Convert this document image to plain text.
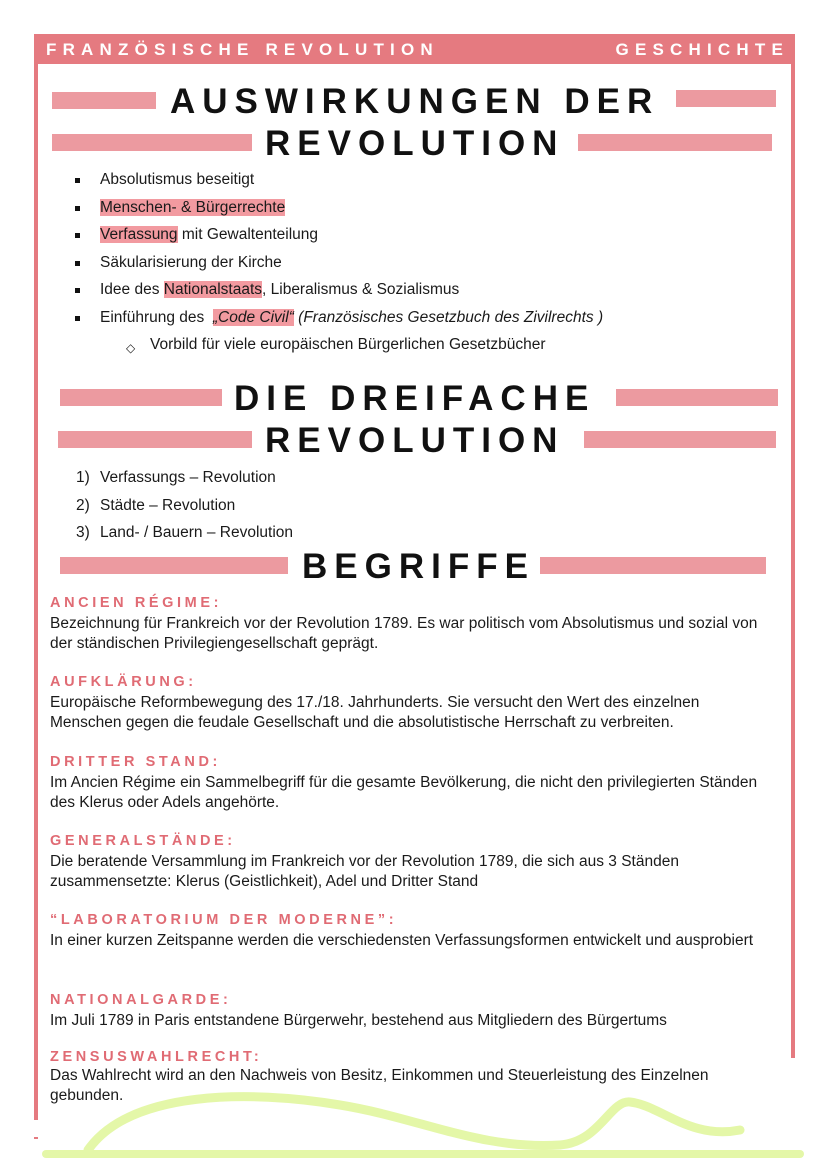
FRANZÖSISCHE REVOLUTION	GESCHICHTE
AUSWIRKUNGEN DER
REVOLUTION
Absolutismus beseitigt
Menschen- & Bürgerrechte
Verfassung mit Gewaltenteilung
Säkularisierung der Kirche
Idee des Nationalstaats, Liberalismus & Sozialismus
Einführung des  „Code Civil“ (Französisches Gesetzbuch des Zivilrechts )
◇ Vorbild für viele europäischen Bürgerlichen Gesetzbücher
DIE DREIFACHE
REVOLUTION
1) Verfassungs – Revolution
2) Städte – Revolution
3) Land- / Bauern – Revolution
BEGRIFFE
ANCIEN RÉGIME:
Bezeichnung für Frankreich vor der Revolution 1789. Es war politisch vom Absolutismus und sozial von der ständischen Privilegiengesellschaft geprägt.
AUFKLÄRUNG:
Europäische Reformbewegung des 17./18. Jahrhunderts. Sie versucht den Wert des einzelnen Menschen gegen die feudale Gesellschaft und die absolutistische Herrschaft zu verbreiten.
DRITTER STAND:
Im Ancien Régime ein Sammelbegriff für die gesamte Bevölkerung, die nicht den privilegierten Ständen des Klerus oder Adels angehörte.
GENERALSTÄNDE:
Die beratende Versammlung im Frankreich vor der Revolution 1789, die sich aus 3 Ständen zusammensetzte: Klerus (Geistlichkeit), Adel und Dritter Stand
“LABORATORIUM DER MODERNE”:
In einer kurzen Zeitspanne werden die verschiedensten Verfassungsformen entwickelt und ausprobiert
NATIONALGARDE:
Im Juli 1789 in Paris entstandene Bürgerwehr, bestehend aus Mitgliedern des Bürgertums
ZENSUSWAHLRECHT:
Das Wahlrecht wird an den Nachweis von Besitz, Einkommen und Steuerleistung des Einzelnen gebunden.
